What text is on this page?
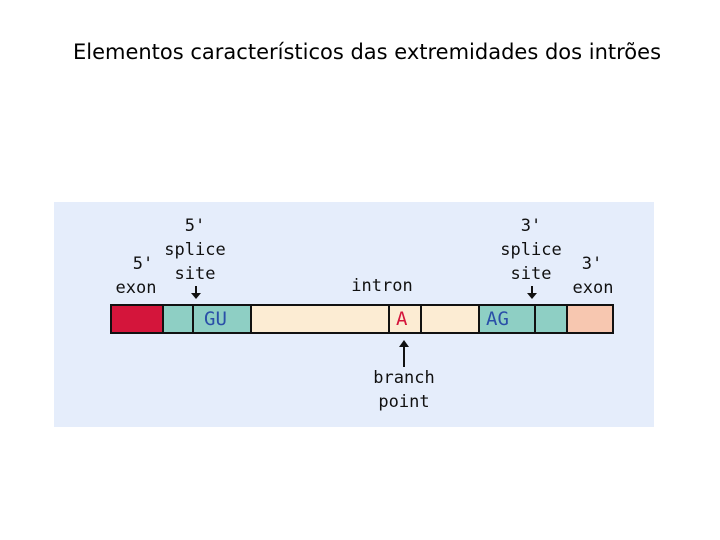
Elementos característicos das extremidades dos intrões
5'
exon
5'
splice
site
intron
3'
splice
site	3'
exon
GU	A	AG
branch
point
